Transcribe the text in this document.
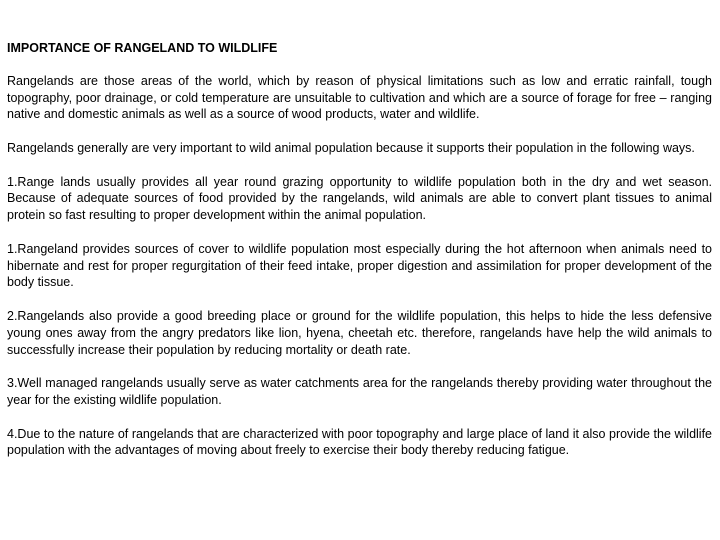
IMPORTANCE OF RANGELAND TO WILDLIFE
Rangelands are those areas of the world, which by reason of physical limitations such as low and erratic rainfall, tough topography, poor drainage, or cold temperature are unsuitable to cultivation and which are a source of forage for free – ranging native and domestic animals as well as a source of wood products, water and wildlife.
Rangelands generally are very important to wild animal population because it supports their population in the following ways.
1.Range lands usually provides all year round grazing opportunity to wildlife population both in the dry and wet season. Because of adequate sources of food provided by the rangelands, wild animals are able to convert plant tissues to animal protein so fast resulting to proper development within the animal population.
1.Rangeland provides sources of cover to wildlife population most especially during the hot afternoon when animals need to hibernate and rest for proper regurgitation of their feed intake, proper digestion and assimilation for proper development of the body tissue.
2.Rangelands also provide a good breeding place or ground for the wildlife population, this helps to hide the less defensive young ones away from the angry predators like lion, hyena, cheetah etc. therefore, rangelands have help the wild animals to successfully increase their population by reducing mortality or death rate.
3.Well managed rangelands usually serve as water catchments area for the rangelands thereby providing water throughout the year for the existing wildlife population.
4.Due to the nature of rangelands that are characterized with poor topography and large place of land it also provide the wildlife population with the advantages of moving about freely to exercise their body thereby reducing fatigue.
